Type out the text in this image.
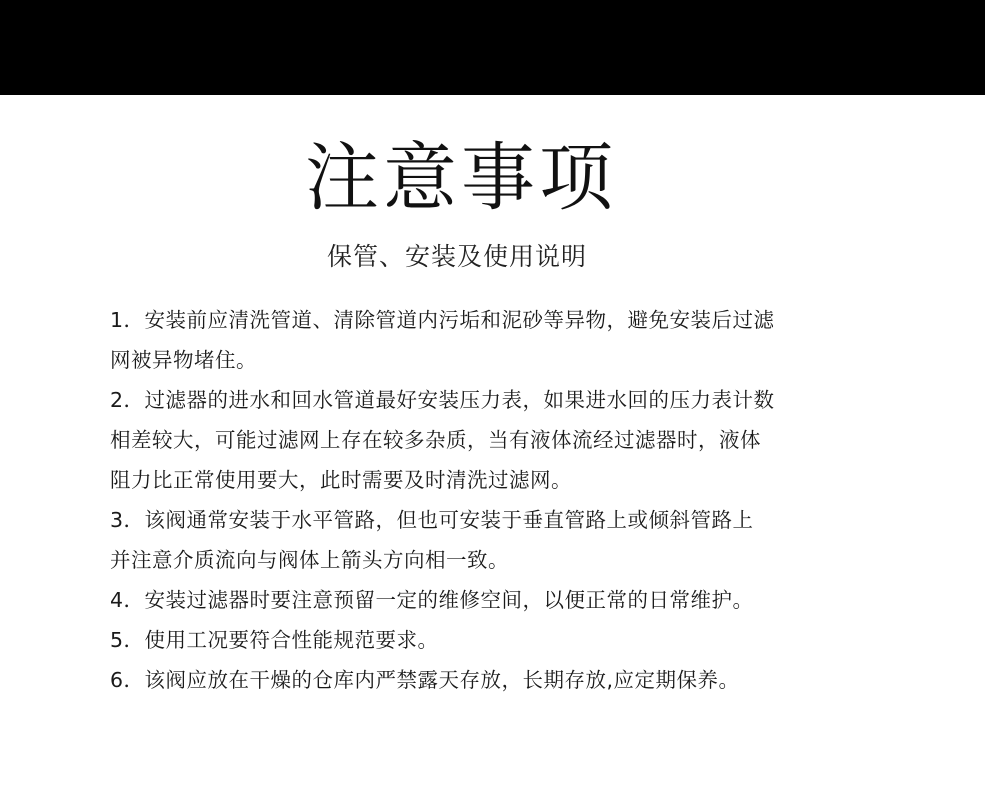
注意事项

保管、安装及使用说明

1．安装前应清洗管道、清除管道内污垢和泥砂等异物，避免安装后过滤
网被异物堵住。
2．过滤器的进水和回水管道最好安装压力表，如果进水回的压力表计数
相差较大，可能过滤网上存在较多杂质，当有液体流经过滤器时，液体
阻力比正常使用要大，此时需要及时清洗过滤网。
3．该阀通常安装于水平管路，但也可安装于垂直管路上或倾斜管路上
并注意介质流向与阀体上箭头方向相一致。
4．安装过滤器时要注意预留一定的维修空间，以便正常的日常维护。
5．使用工况要符合性能规范要求。
6．该阀应放在干燥的仓库内严禁露天存放，长期存放,应定期保养。
